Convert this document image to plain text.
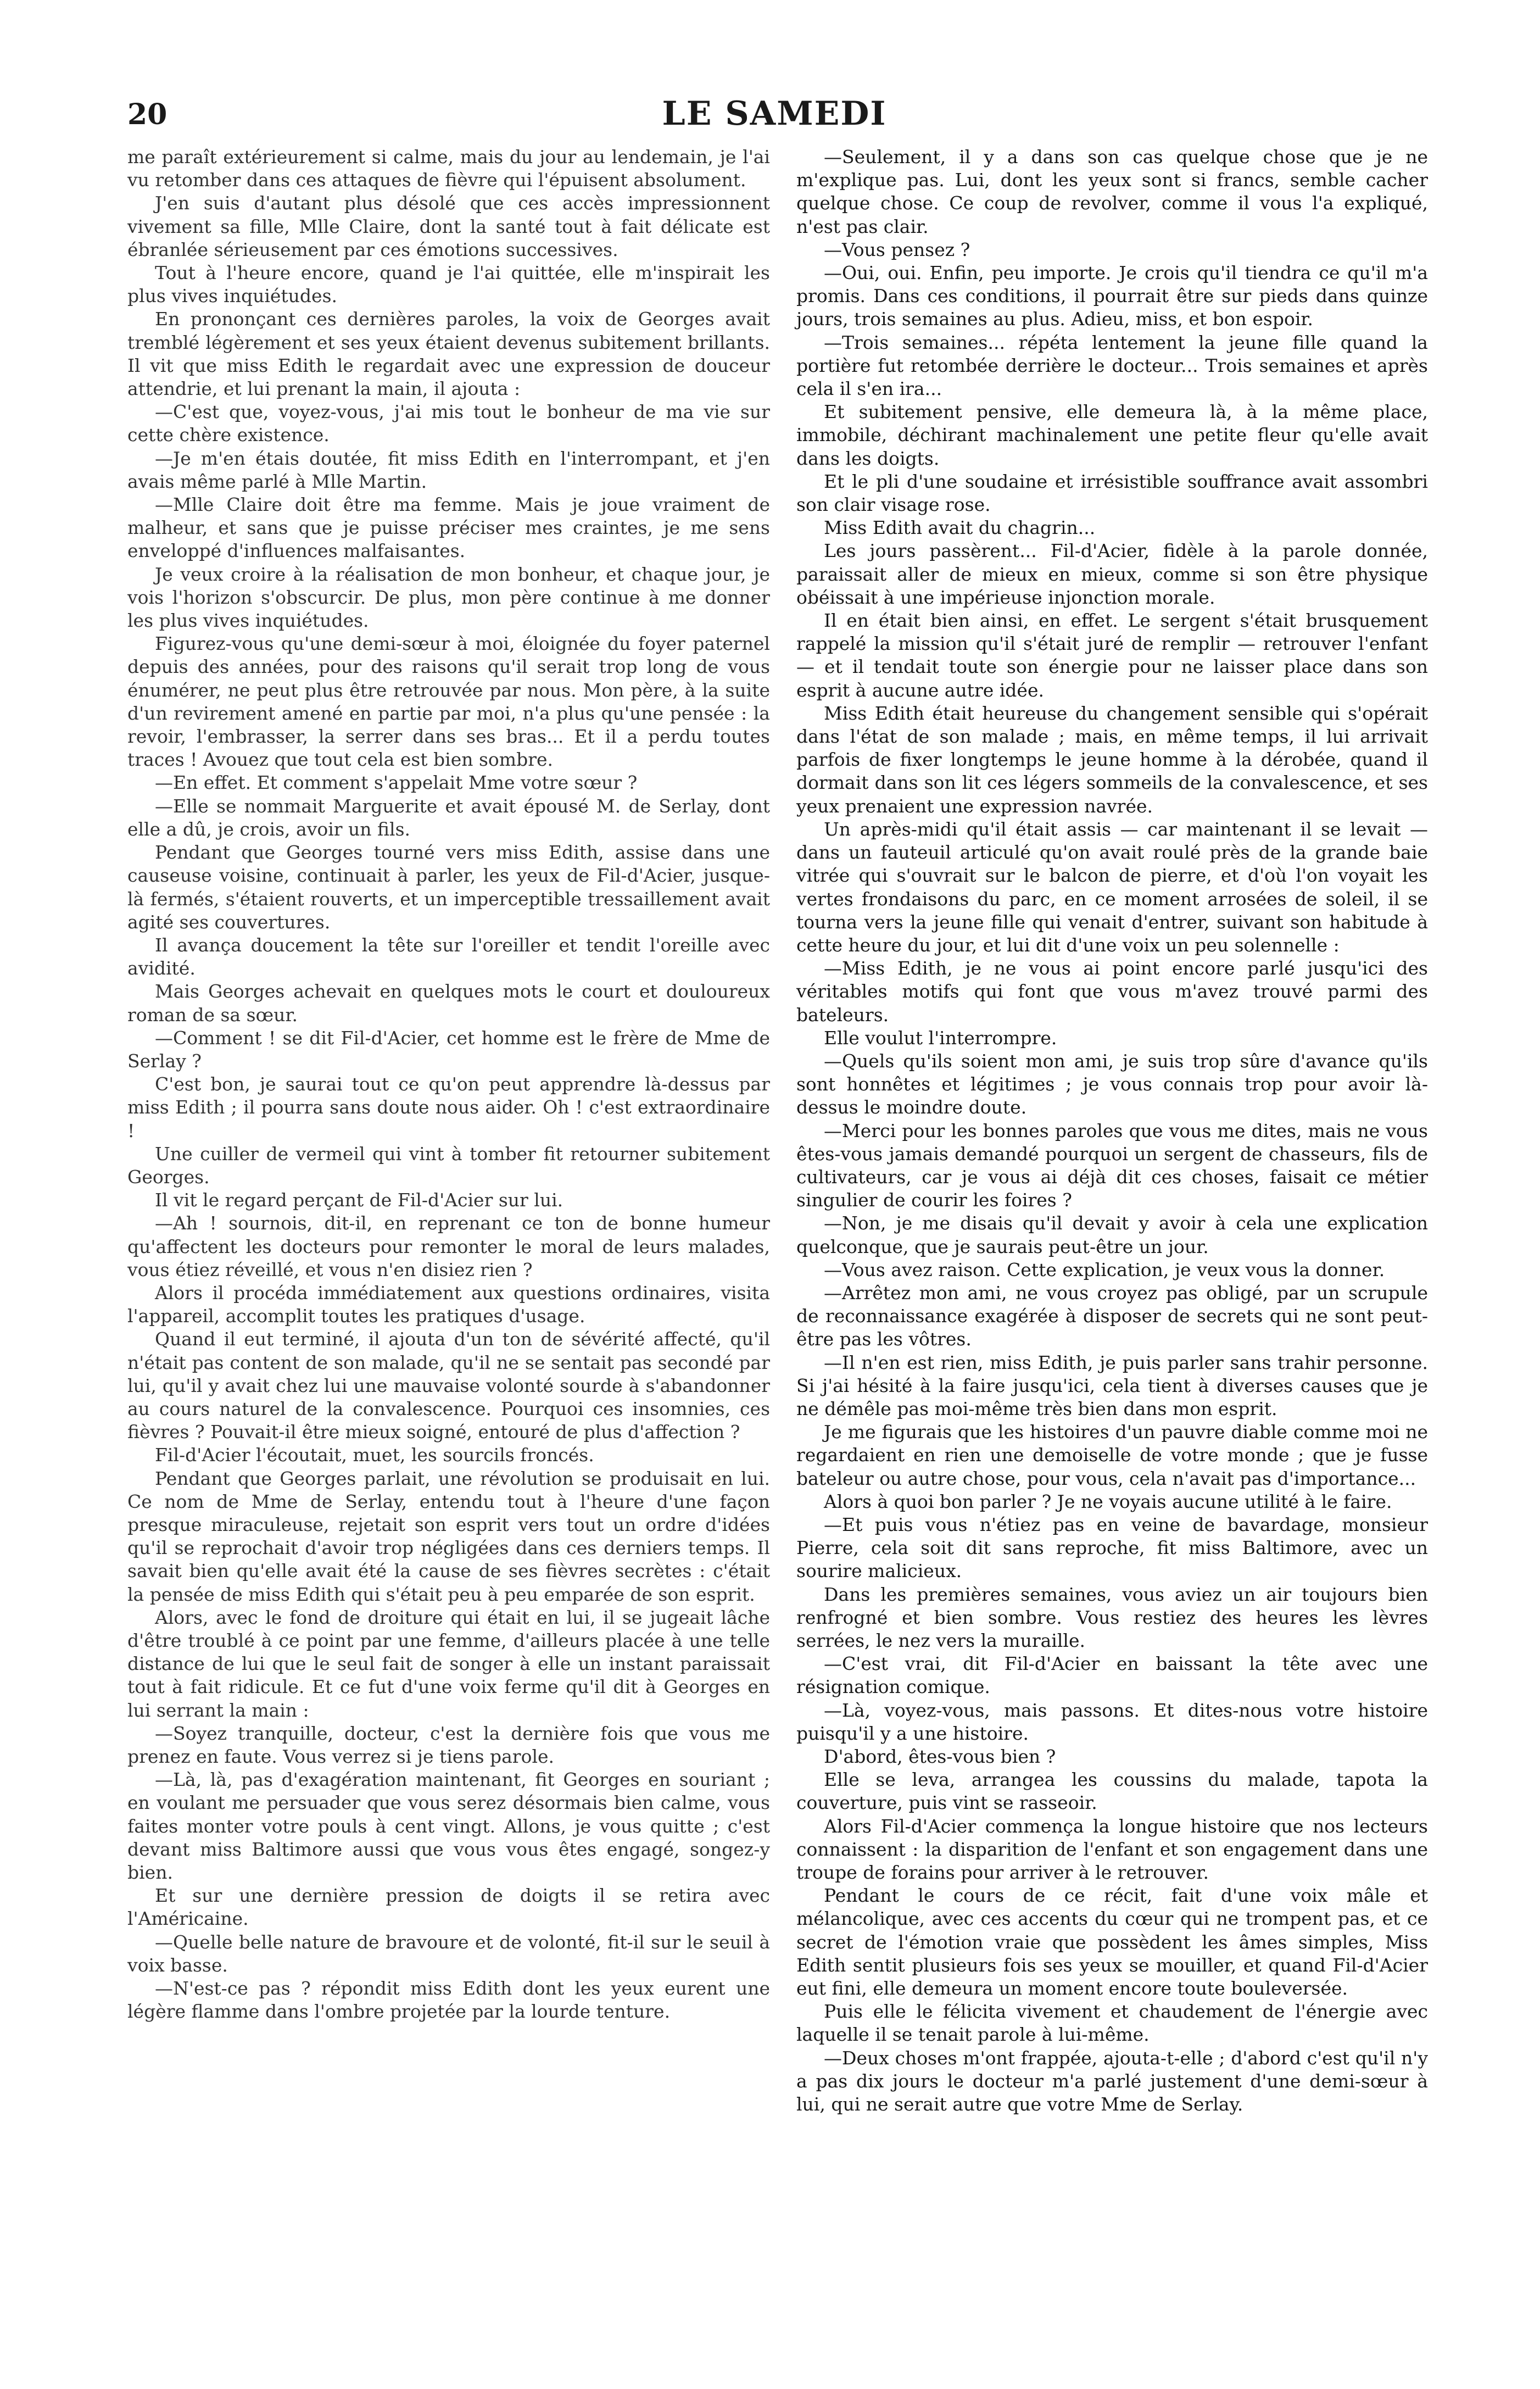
20	LE SAMEDI

me paraît extérieurement si calme, mais du jour au lendemain, je l'ai vu retomber dans ces attaques de fièvre qui l'épuisent absolument.

J'en suis d'autant plus désolé que ces accès impressionnent vivement sa fille, Mlle Claire, dont la santé tout à fait délicate est ébranlée sérieusement par ces émotions successives.

Tout à l'heure encore, quand je l'ai quittée, elle m'inspirait les plus vives inquiétudes.

En prononçant ces dernières paroles, la voix de Georges avait tremblé légèrement et ses yeux étaient devenus subitement brillants. Il vit que miss Edith le regardait avec une expression de douceur attendrie, et lui prenant la main, il ajouta :

—C'est que, voyez-vous, j'ai mis tout le bonheur de ma vie sur cette chère existence.

—Je m'en étais doutée, fit miss Edith en l'interrompant, et j'en avais même parlé à Mlle Martin.

—Mlle Claire doit être ma femme. Mais je joue vraiment de malheur, et sans que je puisse préciser mes craintes, je me sens enveloppé d'influences malfaisantes.

Je veux croire à la réalisation de mon bonheur, et chaque jour, je vois l'horizon s'obscurcir. De plus, mon père continue à me donner les plus vives inquiétudes.

Figurez-vous qu'une demi-sœur à moi, éloignée du foyer paternel depuis des années, pour des raisons qu'il serait trop long de vous énumérer, ne peut plus être retrouvée par nous. Mon père, à la suite d'un revirement amené en partie par moi, n'a plus qu'une pensée : la revoir, l'embrasser, la serrer dans ses bras... Et il a perdu toutes traces ! Avouez que tout cela est bien sombre.

—En effet. Et comment s'appelait Mme votre sœur ?

—Elle se nommait Marguerite et avait épousé M. de Serlay, dont elle a dû, je crois, avoir un fils.

Pendant que Georges tourné vers miss Edith, assise dans une causeuse voisine, continuait à parler, les yeux de Fil-d'Acier, jusque-là fermés, s'étaient rouverts, et un imperceptible tressaillement avait agité ses couvertures.

Il avança doucement la tête sur l'oreiller et tendit l'oreille avec avidité.

Mais Georges achevait en quelques mots le court et douloureux roman de sa sœur.

—Comment ! se dit Fil-d'Acier, cet homme est le frère de Mme de Serlay ?

C'est bon, je saurai tout ce qu'on peut apprendre là-dessus par miss Edith ; il pourra sans doute nous aider. Oh ! c'est extraordinaire !

Une cuiller de vermeil qui vint à tomber fit retourner subitement Georges.

Il vit le regard perçant de Fil-d'Acier sur lui.

—Ah ! sournois, dit-il, en reprenant ce ton de bonne humeur qu'affectent les docteurs pour remonter le moral de leurs malades, vous étiez réveillé, et vous n'en disiez rien ?

Alors il procéda immédiatement aux questions ordinaires, visita l'appareil, accomplit toutes les pratiques d'usage.

Quand il eut terminé, il ajouta d'un ton de sévérité affecté, qu'il n'était pas content de son malade, qu'il ne se sentait pas secondé par lui, qu'il y avait chez lui une mauvaise volonté sourde à s'abandonner au cours naturel de la convalescence. Pourquoi ces insomnies, ces fièvres ? Pouvait-il être mieux soigné, entouré de plus d'affection ?

Fil-d'Acier l'écoutait, muet, les sourcils froncés.

Pendant que Georges parlait, une révolution se produisait en lui. Ce nom de Mme de Serlay, entendu tout à l'heure d'une façon presque miraculeuse, rejetait son esprit vers tout un ordre d'idées qu'il se reprochait d'avoir trop négligées dans ces derniers temps. Il savait bien qu'elle avait été la cause de ses fièvres secrètes : c'était la pensée de miss Edith qui s'était peu à peu emparée de son esprit.

Alors, avec le fond de droiture qui était en lui, il se jugeait lâche d'être troublé à ce point par une femme, d'ailleurs placée à une telle distance de lui que le seul fait de songer à elle un instant paraissait tout à fait ridicule. Et ce fut d'une voix ferme qu'il dit à Georges en lui serrant la main :

—Soyez tranquille, docteur, c'est la dernière fois que vous me prenez en faute. Vous verrez si je tiens parole.

—Là, là, pas d'exagération maintenant, fit Georges en souriant ; en voulant me persuader que vous serez désormais bien calme, vous faites monter votre pouls à cent vingt. Allons, je vous quitte ; c'est devant miss Baltimore aussi que vous vous êtes engagé, songez-y bien.

Et sur une dernière pression de doigts il se retira avec l'Américaine.

—Quelle belle nature de bravoure et de volonté, fit-il sur le seuil à voix basse.

—N'est-ce pas ? répondit miss Edith dont les yeux eurent une légère flamme dans l'ombre projetée par la lourde tenture.

—Seulement, il y a dans son cas quelque chose que je ne m'explique pas. Lui, dont les yeux sont si francs, semble cacher quelque chose. Ce coup de revolver, comme il vous l'a expliqué, n'est pas clair.

—Vous pensez ?

—Oui, oui. Enfin, peu importe. Je crois qu'il tiendra ce qu'il m'a promis. Dans ces conditions, il pourrait être sur pieds dans quinze jours, trois semaines au plus. Adieu, miss, et bon espoir.

—Trois semaines... répéta lentement la jeune fille quand la portière fut retombée derrière le docteur... Trois semaines et après cela il s'en ira...

Et subitement pensive, elle demeura là, à la même place, immobile, déchirant machinalement une petite fleur qu'elle avait dans les doigts.

Et le pli d'une soudaine et irrésistible souffrance avait assombri son clair visage rose.

Miss Edith avait du chagrin...

Les jours passèrent... Fil-d'Acier, fidèle à la parole donnée, paraissait aller de mieux en mieux, comme si son être physique obéissait à une impérieuse injonction morale.

Il en était bien ainsi, en effet. Le sergent s'était brusquement rappelé la mission qu'il s'était juré de remplir — retrouver l'enfant — et il tendait toute son énergie pour ne laisser place dans son esprit à aucune autre idée.

Miss Edith était heureuse du changement sensible qui s'opérait dans l'état de son malade ; mais, en même temps, il lui arrivait parfois de fixer longtemps le jeune homme à la dérobée, quand il dormait dans son lit ces légers sommeils de la convalescence, et ses yeux prenaient une expression navrée.

Un après-midi qu'il était assis — car maintenant il se levait — dans un fauteuil articulé qu'on avait roulé près de la grande baie vitrée qui s'ouvrait sur le balcon de pierre, et d'où l'on voyait les vertes frondaisons du parc, en ce moment arrosées de soleil, il se tourna vers la jeune fille qui venait d'entrer, suivant son habitude à cette heure du jour, et lui dit d'une voix un peu solennelle :

—Miss Edith, je ne vous ai point encore parlé jusqu'ici des véritables motifs qui font que vous m'avez trouvé parmi des bateleurs.

Elle voulut l'interrompre.

—Quels qu'ils soient mon ami, je suis trop sûre d'avance qu'ils sont honnêtes et légitimes ; je vous connais trop pour avoir là-dessus le moindre doute.

—Merci pour les bonnes paroles que vous me dites, mais ne vous êtes-vous jamais demandé pourquoi un sergent de chasseurs, fils de cultivateurs, car je vous ai déjà dit ces choses, faisait ce métier singulier de courir les foires ?

—Non, je me disais qu'il devait y avoir à cela une explication quelconque, que je saurais peut-être un jour.

—Vous avez raison. Cette explication, je veux vous la donner.

—Arrêtez mon ami, ne vous croyez pas obligé, par un scrupule de reconnaissance exagérée à disposer de secrets qui ne sont peut-être pas les vôtres.

—Il n'en est rien, miss Edith, je puis parler sans trahir personne. Si j'ai hésité à la faire jusqu'ici, cela tient à diverses causes que je ne démêle pas moi-même très bien dans mon esprit.

Je me figurais que les histoires d'un pauvre diable comme moi ne regardaient en rien une demoiselle de votre monde ; que je fusse bateleur ou autre chose, pour vous, cela n'avait pas d'importance...

Alors à quoi bon parler ? Je ne voyais aucune utilité à le faire.

—Et puis vous n'étiez pas en veine de bavardage, monsieur Pierre, cela soit dit sans reproche, fit miss Baltimore, avec un sourire malicieux.

Dans les premières semaines, vous aviez un air toujours bien renfrogné et bien sombre. Vous restiez des heures les lèvres serrées, le nez vers la muraille.

—C'est vrai, dit Fil-d'Acier en baissant la tête avec une résignation comique.

—Là, voyez-vous, mais passons. Et dites-nous votre histoire puisqu'il y a une histoire.

D'abord, êtes-vous bien ?

Elle se leva, arrangea les coussins du malade, tapota la couverture, puis vint se rasseoir.

Alors Fil-d'Acier commença la longue histoire que nos lecteurs connaissent : la disparition de l'enfant et son engagement dans une troupe de forains pour arriver à le retrouver.

Pendant le cours de ce récit, fait d'une voix mâle et mélancolique, avec ces accents du cœur qui ne trompent pas, et ce secret de l'émotion vraie que possèdent les âmes simples, Miss Edith sentit plusieurs fois ses yeux se mouiller, et quand Fil-d'Acier eut fini, elle demeura un moment encore toute bouleversée.

Puis elle le félicita vivement et chaudement de l'énergie avec laquelle il se tenait parole à lui-même.

—Deux choses m'ont frappée, ajouta-t-elle ; d'abord c'est qu'il n'y a pas dix jours le docteur m'a parlé justement d'une demi-sœur à lui, qui ne serait autre que votre Mme de Serlay.
